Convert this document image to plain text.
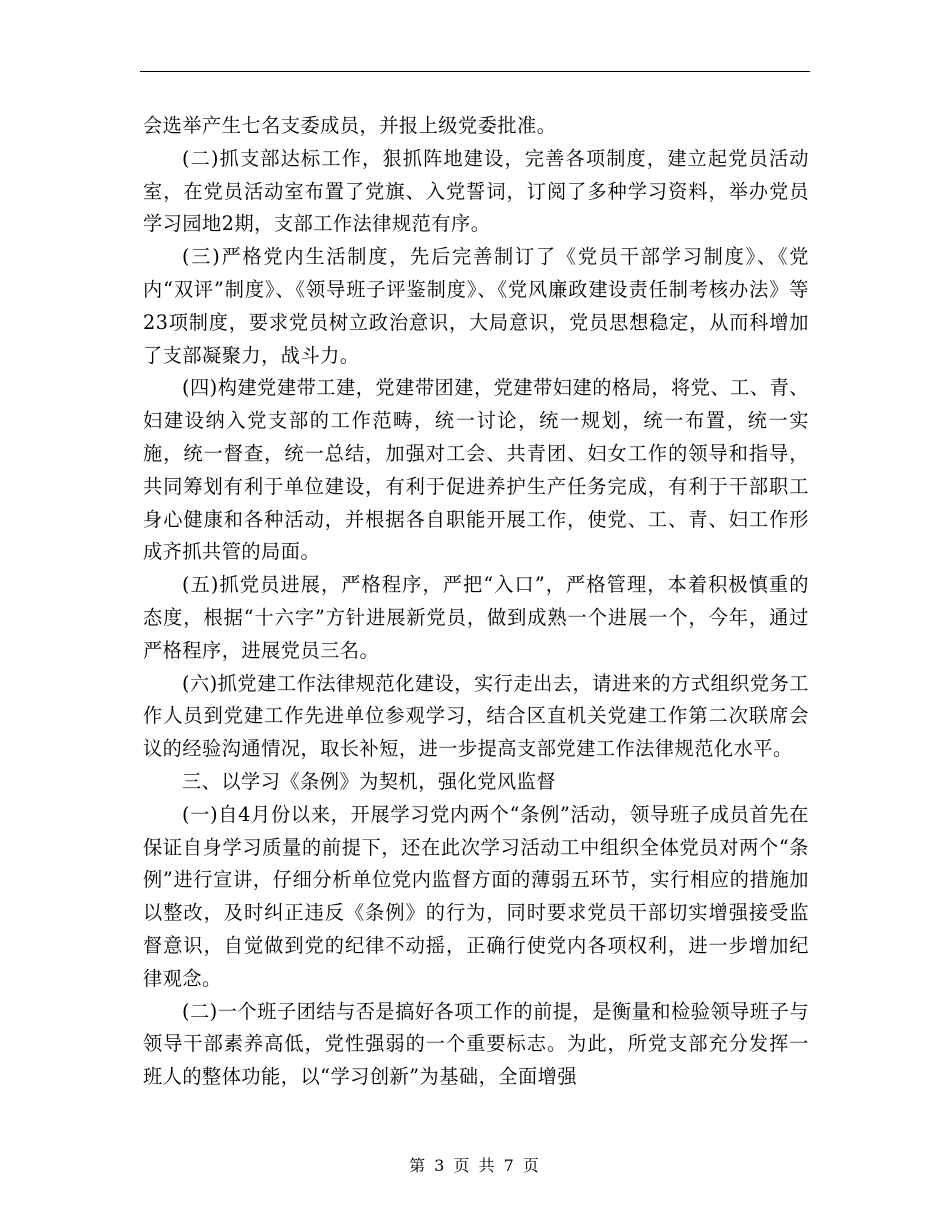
会选举产生七名支委成员，并报上级党委批准。

(二)抓支部达标工作，狠抓阵地建设，完善各项制度，建立起党员活动室，在党员活动室布置了党旗、入党誓词，订阅了多种学习资料，举办党员学习园地2期，支部工作法律规范有序。

(三)严格党内生活制度，先后完善制订了《党员干部学习制度》、《党内“双评”制度》、《领导班子评鉴制度》、《党风廉政建设责任制考核办法》等23项制度，要求党员树立政治意识，大局意识，党员思想稳定，从而科增加了支部凝聚力，战斗力。

(四)构建党建带工建，党建带团建，党建带妇建的格局，将党、工、青、妇建设纳入党支部的工作范畴，统一讨论，统一规划，统一布置，统一实施，统一督查，统一总结，加强对工会、共青团、妇女工作的领导和指导，共同筹划有利于单位建设，有利于促进养护生产任务完成，有利于干部职工身心健康和各种活动，并根据各自职能开展工作，使党、工、青、妇工作形成齐抓共管的局面。

(五)抓党员进展，严格程序，严把“入口”，严格管理，本着积极慎重的态度，根据“十六字”方针进展新党员，做到成熟一个进展一个，今年，通过严格程序，进展党员三名。

(六)抓党建工作法律规范化建设，实行走出去，请进来的方式组织党务工作人员到党建工作先进单位参观学习，结合区直机关党建工作第二次联席会议的经验沟通情况，取长补短，进一步提高支部党建工作法律规范化水平。

三、以学习《条例》为契机，强化党风监督

(一)自4月份以来，开展学习党内两个“条例”活动，领导班子成员首先在保证自身学习质量的前提下，还在此次学习活动工中组织全体党员对两个“条例”进行宣讲，仔细分析单位党内监督方面的薄弱五环节，实行相应的措施加以整改，及时纠正违反《条例》的行为，同时要求党员干部切实增强接受监督意识，自觉做到党的纪律不动摇，正确行使党内各项权利，进一步增加纪律观念。

(二)一个班子团结与否是搞好各项工作的前提，是衡量和检验领导班子与领导干部素养高低，党性强弱的一个重要标志。为此，所党支部充分发挥一班人的整体功能，以“学习创新”为基础，全面增强

第 3 页 共 7 页
